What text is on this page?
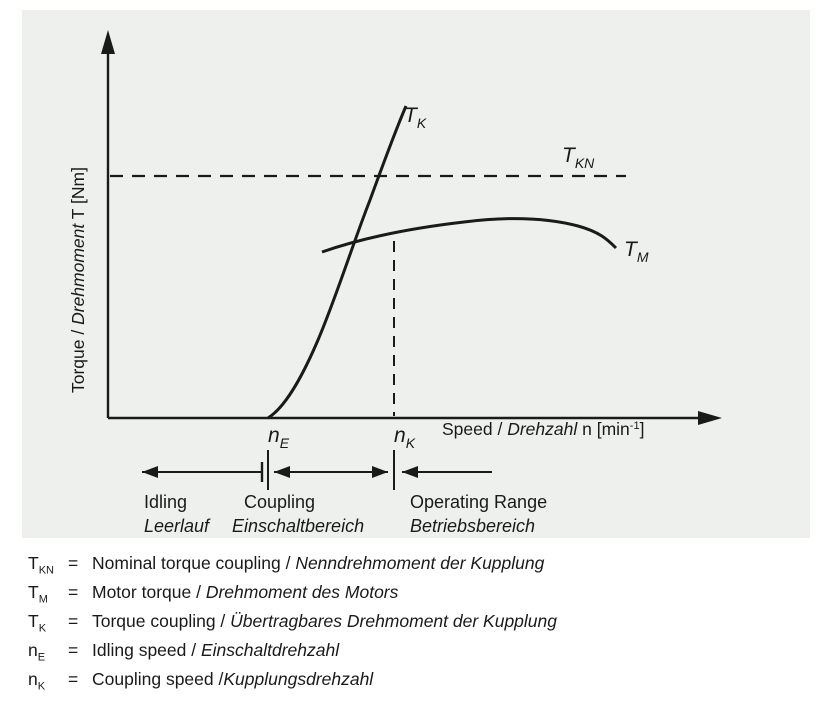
Torque / Drehmoment T [Nm]
Speed / Drehzahl n $[\min^{-1}]$
$T_{KN}$
$T_K$
$T_M$
$n_E$	$n_K$
Idling
Leerlauf
Coupling
Einschaltbereich
Operating Range
Betriebsbereich
$T_{KN}$ = Nominal torque coupling / Nenndrehmoment der Kupplung
$T_M$	= Motor torque / Drehmoment des Motors
$T_K$	= Torque coupling / Übertragbares Drehmoment der Kupplung
$n_E$	= Idling speed / Einschaltdrehzahl
$n_K$	= Coupling speed /Kupplungsdrehzahl
